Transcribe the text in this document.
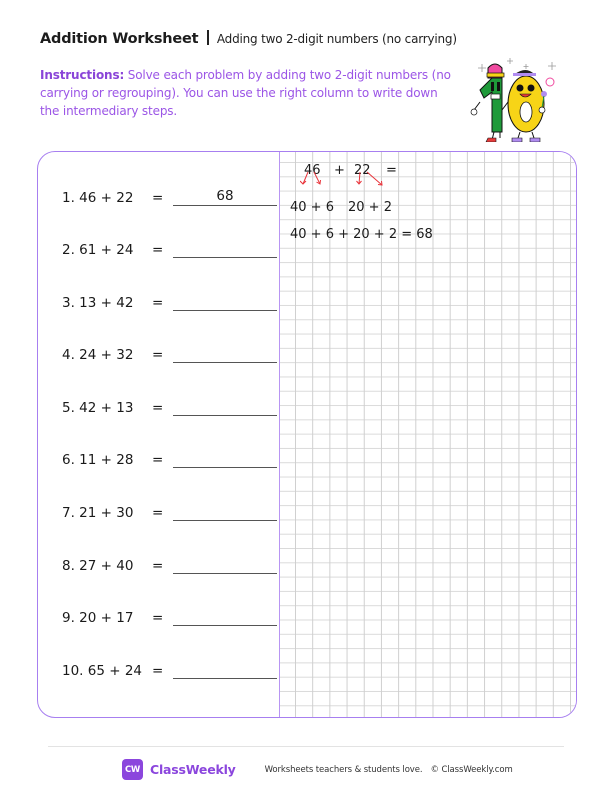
Addition Worksheet Adding two 2-digit numbers (no carrying)
Instructions: Solve each problem by adding two 2-digit numbers (no carrying or regrouping). You can use the right column to write down the intermediary steps.
1. 46 + 22	=	68
2. 61 + 24	=
3. 13 + 42	=
4. 24 + 32	=
5. 42 + 13	=
6. 11 + 28	=
7. 21 + 30	=
8. 27 + 40	=
9. 20 + 17	=
10. 65 + 24 =
46 + 22 =
40 + 6 20 + 2
40 + 6 + 20 + 2 = 68
CW ClassWeekly	Worksheets teachers & students love. © ClassWeekly.com
